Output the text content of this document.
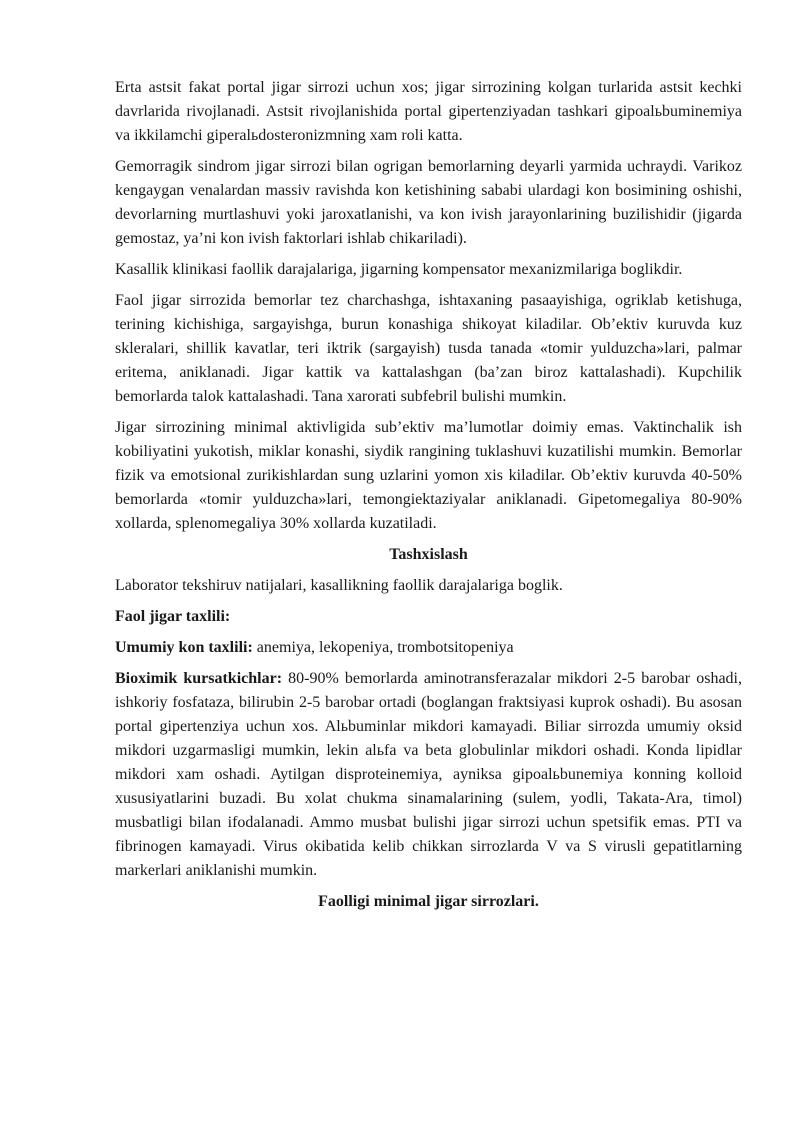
Erta astsit fakat portal jigar sirrozi uchun xos; jigar sirrozining kolgan turlarida astsit kechki davrlarida rivojlanadi. Astsit rivojlanishida portal gipertenziyadan tashkari gipoalьbuminemiya va ikkilamchi giperalьdosteronizmning xam roli katta.

Gemorragik sindrom jigar sirrozi bilan ogrigan bemorlarning deyarli yarmida uchraydi. Varikoz kengaygan venalardan massiv ravishda kon ketishining sababi ulardagi kon bosimining oshishi, devorlarning murtlashuvi yoki jaroxatlanishi, va kon ivish jarayonlarining buzilishidir (jigarda gemostaz, ya’ni kon ivish faktorlari ishlab chikariladi).

Kasallik klinikasi faollik darajalariga, jigarning kompensator mexanizmilariga boglikdir.

Faol jigar sirrozida bemorlar tez charchashga, ishtaxaning pasaayishiga, ogriklab ketishuga, terining kichishiga, sargayishga, burun konashiga shikoyat kiladilar. Ob’ektiv kuruvda kuz skleralari, shillik kavatlar, teri iktrik (sargayish) tusda tanada «tomir yulduzcha»lari, palmar eritema, aniklanadi. Jigar kattik va kattalashgan (ba’zan biroz kattalashadi). Kupchilik bemorlarda talok kattalashadi. Tana xarorati subfebril bulishi mumkin.

Jigar sirrozining minimal aktivligida sub’ektiv ma’lumotlar doimiy emas. Vaktinchalik ish kobiliyatini yukotish, miklar konashi, siydik rangining tuklashuvi kuzatilishi mumkin. Bemorlar fizik va emotsional zurikishlardan sung uzlarini yomon xis kiladilar. Ob’ektiv kuruvda 40-50% bemorlarda «tomir yulduzcha»lari, temongiektaziyalar aniklanadi. Gipetomegaliya 80-90% xollarda, splenomegaliya 30% xollarda kuzatiladi.

Tashxislash

Laborator tekshiruv natijalari, kasallikning faollik darajalariga boglik.

Faol jigar taxlili:

Umumiy kon taxlili: anemiya, lekopeniya, trombotsitopeniya

Bioximik kursatkichlar: 80-90% bemorlarda aminotransferazalar mikdori 2-5 barobar oshadi, ishkoriy fosfataza, bilirubin 2-5 barobar ortadi (boglangan fraktsiyasi kuprok oshadi). Bu asosan portal gipertenziya uchun xos. Alьbuminlar mikdori kamayadi. Biliar sirrozda umumiy oksid mikdori uzgarmasligi mumkin, lekin alьfa va beta globulinlar mikdori oshadi. Konda lipidlar mikdori xam oshadi. Aytilgan disproteinemiya, ayniksa gipoalьbunemiya konning kolloid xususiyatlarini buzadi. Bu xolat chukma sinamalarining (sulem, yodli, Takata-Ara, timol) musbatligi bilan ifodalanadi. Ammo musbat bulishi jigar sirrozi uchun spetsifik emas. PTI va fibrinogen kamayadi. Virus okibatida kelib chikkan sirrozlarda V va S virusli gepatitlarning markerlari aniklanishi mumkin.

Faolligi minimal jigar sirrozlari.
